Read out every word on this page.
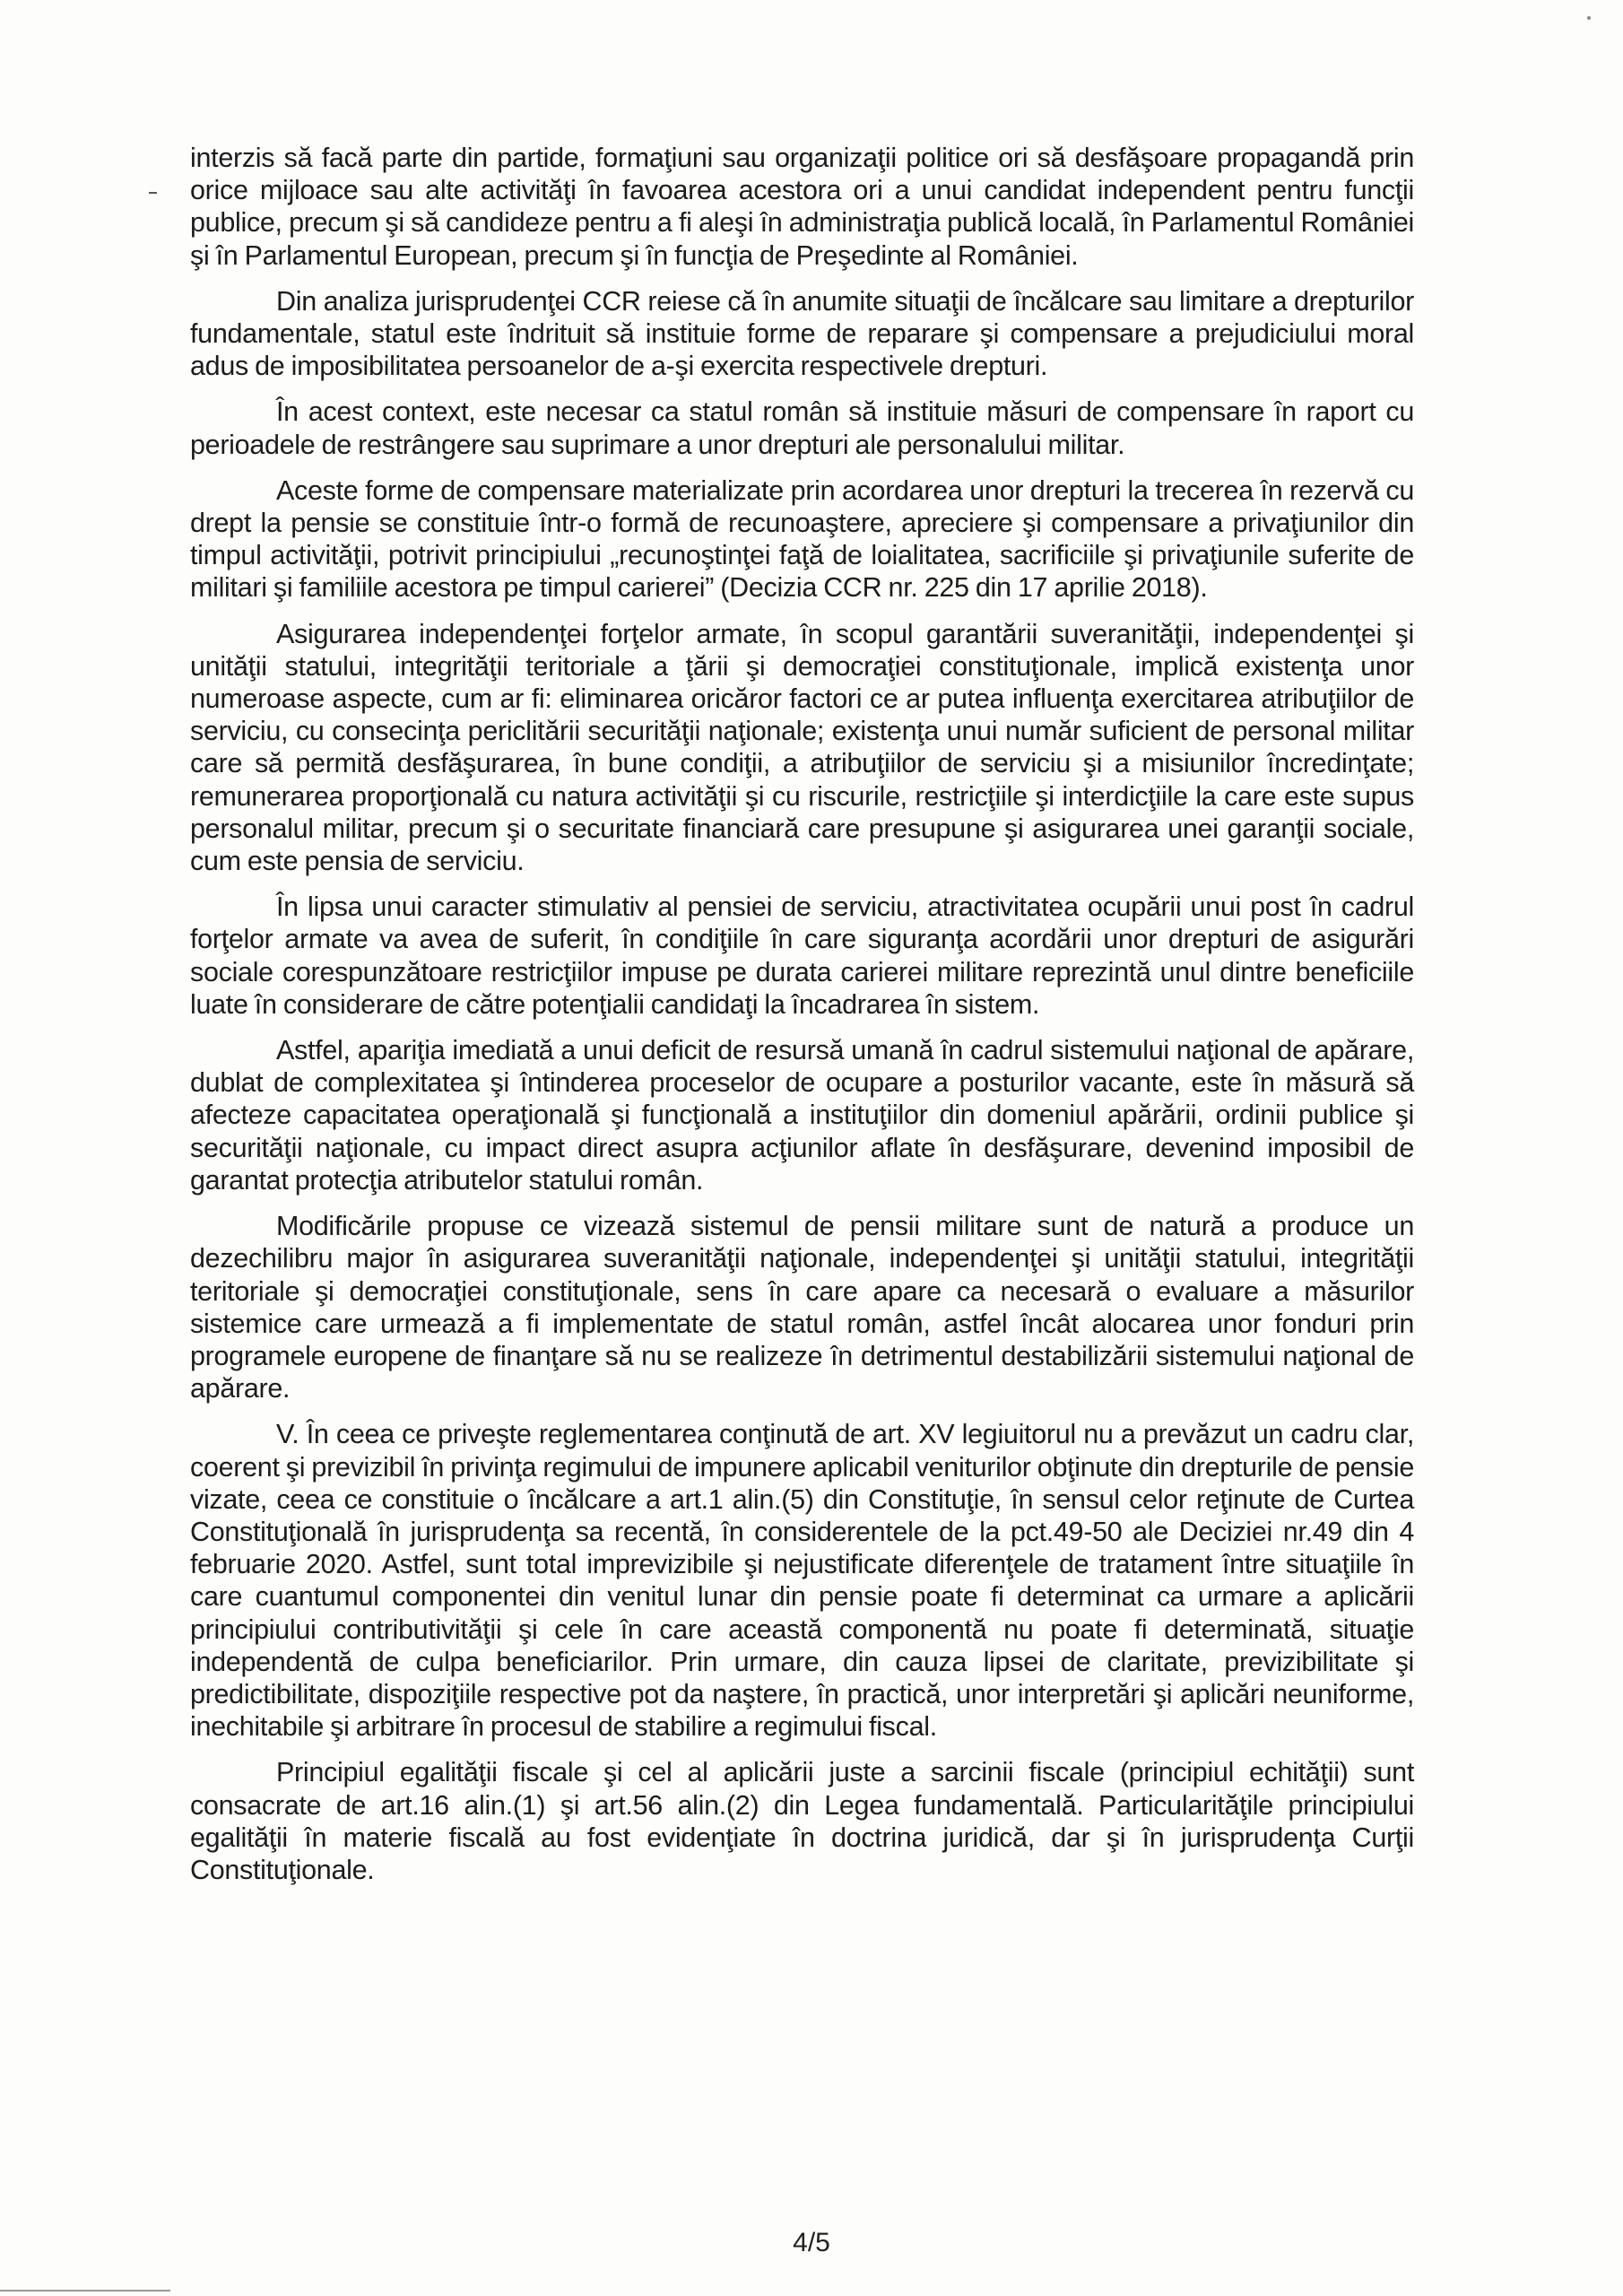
interzis să facă parte din partide, formaţiuni sau organizaţii politice ori să desfăşoare propagandă prin orice mijloace sau alte activităţi în favoarea acestora ori a unui candidat independent pentru funcţii publice, precum şi să candideze pentru a fi aleşi în administraţia publică locală, în Parlamentul României şi în Parlamentul European, precum şi în funcţia de Preşedinte al României.

Din analiza jurisprudenţei CCR reiese că în anumite situaţii de încălcare sau limitare a drepturilor fundamentale, statul este îndrituit să instituie forme de reparare şi compensare a prejudiciului moral adus de imposibilitatea persoanelor de a-şi exercita respectivele drepturi.

În acest context, este necesar ca statul român să instituie măsuri de compensare în raport cu perioadele de restrângere sau suprimare a unor drepturi ale personalului militar.

Aceste forme de compensare materializate prin acordarea unor drepturi la trecerea în rezervă cu drept la pensie se constituie într-o formă de recunoaştere, apreciere şi compensare a privaţiunilor din timpul activităţii, potrivit principiului „recunoştinţei faţă de loialitatea, sacrificiile şi privaţiunile suferite de militari şi familiile acestora pe timpul carierei” (Decizia CCR nr. 225 din 17 aprilie 2018).

Asigurarea independenţei forţelor armate, în scopul garantării suveranităţii, independenţei şi unităţii statului, integrităţii teritoriale a ţării şi democraţiei constituţionale, implică existenţa unor numeroase aspecte, cum ar fi: eliminarea oricăror factori ce ar putea influenţa exercitarea atribuţiilor de serviciu, cu consecinţa periclitării securităţii naţionale; existenţa unui număr suficient de personal militar care să permită desfăşurarea, în bune condiţii, a atribuţiilor de serviciu şi a misiunilor încredinţate; remunerarea proporţională cu natura activităţii şi cu riscurile, restricţiile şi interdicţiile la care este supus personalul militar, precum şi o securitate financiară care presupune şi asigurarea unei garanţii sociale, cum este pensia de serviciu.

În lipsa unui caracter stimulativ al pensiei de serviciu, atractivitatea ocupării unui post în cadrul forţelor armate va avea de suferit, în condiţiile în care siguranţa acordării unor drepturi de asigurări sociale corespunzătoare restricţiilor impuse pe durata carierei militare reprezintă unul dintre beneficiile luate în considerare de către potenţialii candidaţi la încadrarea în sistem.

Astfel, apariţia imediată a unui deficit de resursă umană în cadrul sistemului naţional de apărare, dublat de complexitatea şi întinderea proceselor de ocupare a posturilor vacante, este în măsură să afecteze capacitatea operaţională şi funcţională a instituţiilor din domeniul apărării, ordinii publice şi securităţii naţionale, cu impact direct asupra acţiunilor aflate în desfăşurare, devenind imposibil de garantat protecţia atributelor statului român.

Modificările propuse ce vizează sistemul de pensii militare sunt de natură a produce un dezechilibru major în asigurarea suveranităţii naţionale, independenţei şi unităţii statului, integrităţii teritoriale şi democraţiei constituţionale, sens în care apare ca necesară o evaluare a măsurilor sistemice care urmează a fi implementate de statul român, astfel încât alocarea unor fonduri prin programele europene de finanţare să nu se realizeze în detrimentul destabilizării sistemului naţional de apărare.

V. În ceea ce priveşte reglementarea conţinută de art. XV legiuitorul nu a prevăzut un cadru clar, coerent şi previzibil în privinţa regimului de impunere aplicabil veniturilor obţinute din drepturile de pensie vizate, ceea ce constituie o încălcare a art.1 alin.(5) din Constituţie, în sensul celor reţinute de Curtea Constituţională în jurisprudenţa sa recentă, în considerentele de la pct.49-50 ale Deciziei nr.49 din 4 februarie 2020. Astfel, sunt total imprevizibile şi nejustificate diferenţele de tratament între situaţiile în care cuantumul componentei din venitul lunar din pensie poate fi determinat ca urmare a aplicării principiului contributivităţii şi cele în care această componentă nu poate fi determinată, situaţie independentă de culpa beneficiarilor. Prin urmare, din cauza lipsei de claritate, previzibilitate şi predictibilitate, dispoziţiile respective pot da naştere, în practică, unor interpretări şi aplicări neuniforme, inechitabile şi arbitrare în procesul de stabilire a regimului fiscal.

Principiul egalităţii fiscale şi cel al aplicării juste a sarcinii fiscale (principiul echităţii) sunt consacrate de art.16 alin.(1) şi art.56 alin.(2) din Legea fundamentală. Particularităţile principiului egalităţii în materie fiscală au fost evidenţiate în doctrina juridică, dar şi în jurisprudenţa Curţii Constituţionale.

4/5
